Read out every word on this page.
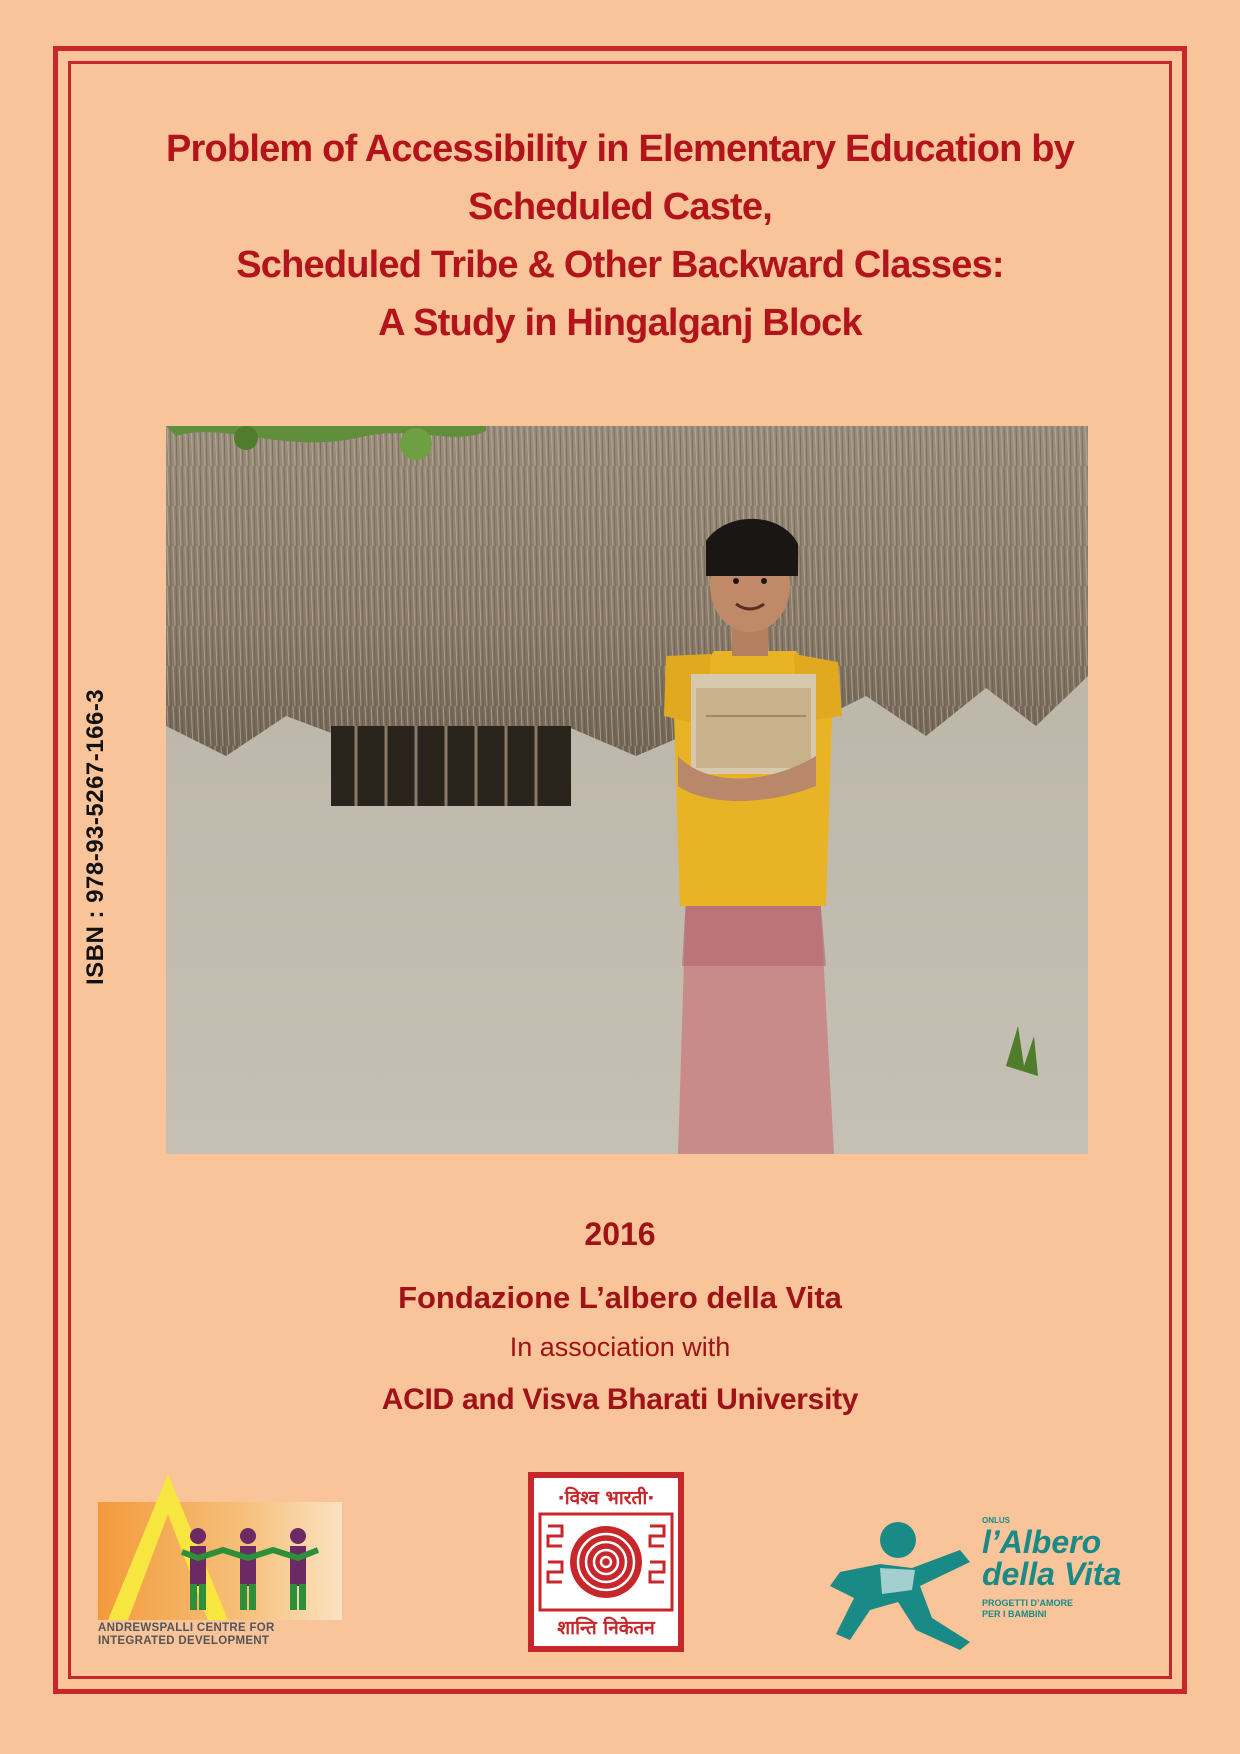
Problem of Accessibility in Elementary Education by
Scheduled Caste,
Scheduled Tribe & Other Backward Classes:
A Study in Hingalganj Block
ISBN : 978-93-5267-166-3
2016
Fondazione L’albero della Vita
In association with
ACID and Visva Bharati University
ANDREWSPALLI CENTRE FOR
INTEGRATED DEVELOPMENT
·विश्व भारती·
शान्ति निकेतन
ONLUS
l’Albero
della Vita
PROGETTI D’AMORE
PER I BAMBINI
